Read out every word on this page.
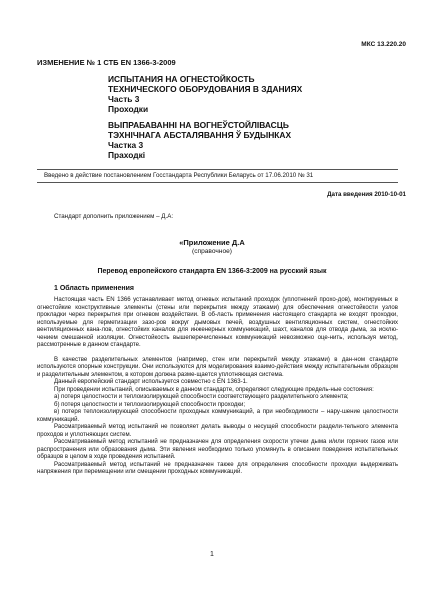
МКС 13.220.20
ИЗМЕНЕНИЕ № 1 СТБ EN 1366-3-2009
ИСПЫТАНИЯ НА ОГНЕСТОЙКОСТЬ
ТЕХНИЧЕСКОГО ОБОРУДОВАНИЯ В ЗДАНИЯХ
Часть 3
Проходки
ВЫПРАБАВАННІ НА ВОГНЕЎСТОЙЛІВАСЦЬ
ТЭХНІЧНАГА АБСТАЛЯВАННЯ Ў БУДЫНКАХ
Частка 3
Праходкі
Введено в действие постановлением Госстандарта Республики Беларусь от 17.06.2010 № 31
Дата введения 2010-10-01
Стандарт дополнить приложением – Д.А:
«Приложение Д.А
(справочное)
Перевод европейского стандарта EN 1366-3:2009 на русский язык
1 Область применения

Настоящая часть EN 1366 устанавливает метод огневых испытаний проходок (уплотнений прохо-дов), монтируемых в огнестойкие конструктивные элементы (стены или перекрытия между этажами) для обеспечения огнестойкости узлов прокладки через перекрытия при огневом воздействии. В об-ласть применения настоящего стандарта не входят проходки, используемые для герметизации зазо-ров вокруг дымовых печей, воздушных вентиляционных систем, огнестойких вентиляционных кана-лов, огнестойких каналов для инженерных коммуникаций, шахт, каналов для отвода дыма, за исклю-чением смешанной изоляции. Огнестойкость вышеперечисленных коммуникаций невозможно оце-нить, используя метод, рассмотренные в данном стандарте.

В качестве разделительных элементов (например, стен или перекрытий между этажами) в дан-ном стандарте используются опорные конструкции. Они используются для моделирования взаимо-действия между испытательным образцом и разделительным элементом, в котором должна разме-щается уплотняющая система.

Данный европейский стандарт используется совместно с EN 1363-1.

При проведении испытаний, описываемых в данном стандарте, определяют следующие предель-ные состояния:

а) потеря целостности и теплоизолирующей способности соответствующего разделительного элемента;

б) потеря целостности и теплоизолирующей способности проходки;

в) потеря теплоизолирующей способности проходных коммуникаций, а при необходимости – нару-шение целостности коммуникаций.

Рассматриваемый метод испытаний не позволяет делать выводы о несущей способности раздели-тельного элемента проходов и уплотняющих систем.

Рассматриваемый метод испытаний не предназначен для определения скорости утечки дыма и/или горячих газов или распространения или образования дыма. Эти явления необходимо только упомянуть в описании поведения испытательных образцов в целом в ходе проведения испытаний.

Рассматриваемый метод испытаний не предназначен также для определения способности проходки выдерживать напряжения при перемещении или смещении проходных коммуникаций.

1
